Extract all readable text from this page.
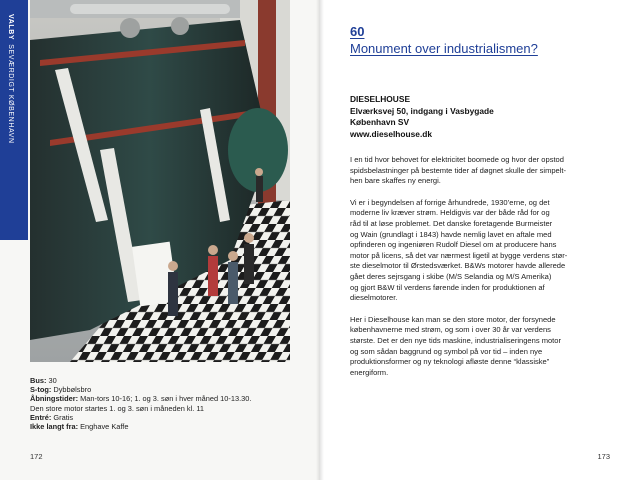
VALBYSEVÆRDIGT KØBENHAVN
Bus: 30
S-tog: Dybbølsbro
Åbningstider: Man-tors 10-16; 1. og 3. søn i hver måned 10-13.30.
Den store motor startes 1. og 3. søn i måneden kl. 11
Entré: Gratis
Ikke langt fra: Enghave Kaffe
172
60
Monument over industrialismen?
DIESELHOUSE
Elværksvej 50, indgang i Vasbygade
København SV
www.dieselhouse.dk

I en tid hvor behovet for elektricitet boomede og hvor der opstod
spidsbelastninger på bestemte tider af døgnet skulle der simpelt-
hen bare skaffes ny energi.

Vi er i begyndelsen af forrige århundrede, 1930’erne, og det
moderne liv kræver strøm. Heldigvis var der både råd for og
råd til at løse problemet. Det danske foretagende Burmeister
og Wain (grundlagt i 1843) havde nemlig lavet en aftale med
opfinderen og ingeniøren Rudolf Diesel om at producere hans
motor på licens, så det var nærmest ligetil at bygge verdens stør-
ste dieselmotor til Ørstedsværket. B&Ws motorer havde allerede
gået deres sejrsgang i skibe (M/S Selandia og M/S Amerika)
og gjort B&W til verdens førende inden for produktionen af
dieselmotorer.

Her i Dieselhouse kan man se den store motor, der forsynede
københavnerne med strøm, og som i over 30 år var verdens
største. Det er den nye tids maskine, industrialiseringens motor
og som sådan baggrund og symbol på vor tid – inden nye
produktionsformer og ny teknologi afløste denne “klassiske”
energiform.

173
